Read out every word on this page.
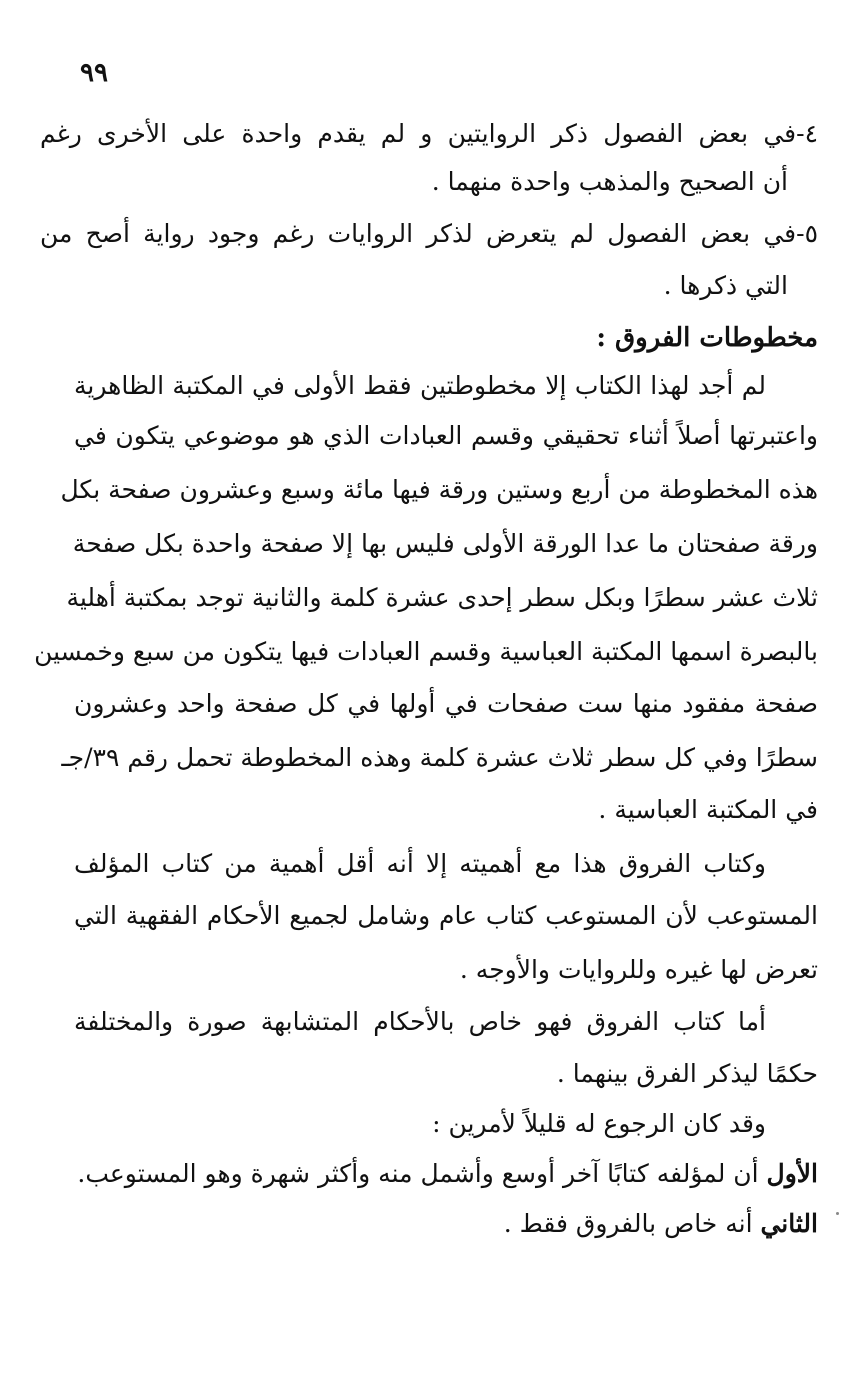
٩٩
٤-في بعض الفصول ذكر الروايتين و لم يقدم واحدة على الأخرى رغم
أن الصحيح والمذهب واحدة منهما .
٥-في بعض الفصول لم يتعرض لذكر الروايات رغم وجود رواية أصح من
التي ذكرها .
مخطوطات الفروق :
لم أجد لهذا الكتاب إلا مخطوطتين فقط الأولى في المكتبة الظاهرية
واعتبرتها أصلاً أثناء تحقيقي وقسم العبادات الذي هو موضوعي يتكون في
هذه المخطوطة من أربع وستين ورقة فيها مائة وسبع وعشرون صفحة بكل
ورقة صفحتان ما عدا الورقة الأولى فليس بها إلا صفحة واحدة بكل صفحة
ثلاث عشر سطرًا وبكل سطر إحدى عشرة كلمة والثانية توجد بمكتبة أهلية
بالبصرة اسمها المكتبة العباسية وقسم العبادات فيها يتكون من سبع وخمسين
صفحة مفقود منها ست صفحات في أولها في كل صفحة واحد وعشرون
سطرًا وفي كل سطر ثلاث عشرة كلمة وهذه المخطوطة تحمل رقم ٣٩/جـ
في المكتبة العباسية .
وكتاب الفروق هذا مع أهميته إلا أنه أقل أهمية من كتاب المؤلف
المستوعب لأن المستوعب كتاب عام وشامل لجميع الأحكام الفقهية التي
تعرض لها غيره وللروايات والأوجه .
أما كتاب الفروق فهو خاص بالأحكام المتشابهة صورة والمختلفة
حكمًا ليذكر الفرق بينهما .
وقد كان الرجوع له قليلاً لأمرين :
الأول أن لمؤلفه كتابًا آخر أوسع وأشمل منه وأكثر شهرة وهو المستوعب.
الثاني أنه خاص بالفروق فقط .
